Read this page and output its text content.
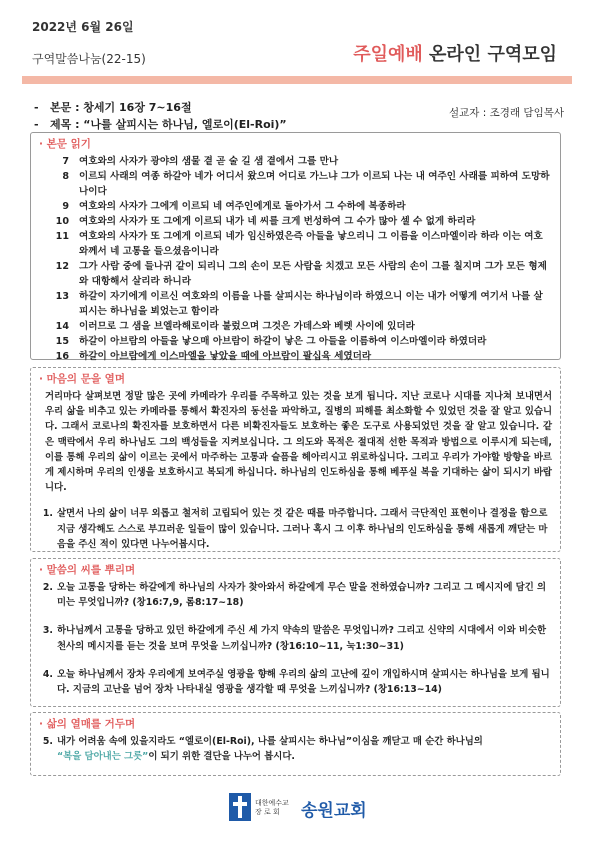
2022년 6월 26일
구역말씀나눔(22-15)	주일예배 온라인 구역모임
- 본문 : 창세기 16장 7~16절
- 제목 : “나를 살피시는 하나님, 엘로이(El-Roi)”
설교자 : 조경래 담임목사
· 본문 읽기
7	여호와의 사자가 광야의 샘물 곁 곧 술 길 샘 곁에서 그를 만나
8	이르되 사래의 여종 하갈아 네가 어디서 왔으며 어디로 가느냐 그가 이르되 나는 내 여주인 사래를 피하여 도망하나이다
9	여호와의 사자가 그에게 이르되 네 여주인에게로 돌아가서 그 수하에 복종하라
10	여호와의 사자가 또 그에게 이르되 내가 네 씨를 크게 번성하여 그 수가 많아 셀 수 없게 하리라
11	여호와의 사자가 또 그에게 이르되 네가 임신하였은즉 아들을 낳으리니 그 이름을 이스마엘이라 하라 이는 여호와께서 네 고통을 들으셨음이니라
12	그가 사람 중에 들나귀 같이 되리니 그의 손이 모든 사람을 치겠고 모든 사람의 손이 그를 칠지며 그가 모든 형제와 대항해서 살리라 하니라
13	하갈이 자기에게 이르신 여호와의 이름을 나를 살피시는 하나님이라 하였으니 이는 내가 어떻게 여기서 나를 살피시는 하나님을 뵈었는고 함이라
14	이러므로 그 샘을 브엘라해로이라 불렀으며 그것은 가데스와 베렛 사이에 있더라
15	하갈이 아브람의 아들을 낳으매 아브람이 하갈이 낳은 그 아들을 이름하여 이스마엘이라 하였더라
16	하갈이 아브람에게 이스마엘을 낳았을 때에 아브람이 팔십육 세였더라
· 마음의 문을 열며
거리마다 살펴보면 정말 많은 곳에 카메라가 우리를 주목하고 있는 것을 보게 됩니다. 지난 코로나 시대를 지나쳐 보내면서 우리 삶을 비추고 있는 카메라를 통해서 확진자의 동선을 파악하고, 질병의 피해를 최소화할 수 있었던 것을 잘 알고 있습니다. 그래서 코로나의 확진자를 보호하면서 다른 비확진자들도 보호하는 좋은 도구로 사용되었던 것을 잘 알고 있습니다. 같은 맥락에서 우리 하나님도 그의 백성들을 지켜보십니다. 그 의도와 목적은 절대적 선한 목적과 방법으로 이루시게 되는데, 이를 통해 우리의 삶이 이르는 곳에서 마주하는 고통과 슬픔을 헤아리시고 위로하십니다. 그리고 우리가 가야할 방향을 바르게 제시하며 우리의 인생을 보호하시고 복되게 하십니다. 하나님의 인도하심을 통해 베푸실 복을 기대하는 삶이 되시기 바랍니다.
1. 살면서 나의 삶이 너무 외롭고 철저히 고립되어 있는 것 같은 때를 마주합니다. 그래서 극단적인 표현이나 결정을 함으로 지금 생각해도 스스로 부끄러운 일들이 많이 있습니다. 그러나 혹시 그 이후 하나님의 인도하심을 통해 새롭게 깨닫는 마음을 주신 적이 있다면 나누어봅시다.
· 말씀의 씨를 뿌리며
2. 오늘 고통을 당하는 하갈에게 하나님의 사자가 찾아와서 하갈에게 무슨 말을 전하였습니까? 그리고 그 메시지에 담긴 의미는 무엇입니까? (창16:7,9, 롬8:17~18)
3. 하나님께서 고통을 당하고 있던 하갈에게 주신 세 가지 약속의 말씀은 무엇입니까? 그리고 신약의 시대에서 이와 비슷한 천사의 메시지를 듣는 것을 보며 무엇을 느끼십니까? (창16:10~11, 눅1:30~31)
4. 오늘 하나님께서 장차 우리에게 보여주실 영광을 향해 우리의 삶의 고난에 깊이 개입하시며 살피시는 하나님을 보게 됩니다. 지금의 고난을 넘어 장차 나타내실 영광을 생각할 때 무엇을 느끼십니까? (창16:13~14)
· 삶의 열매를 거두며
5. 내가 어려움 속에 있을지라도 “엘로이(El-Roi), 나를 살피시는 하나님”이심을 깨닫고 매 순간 하나님의
“복을 담아내는 그릇”이 되기 위한 결단을 나누어 봅시다.
대한예수교
장 로 회	송원교회
